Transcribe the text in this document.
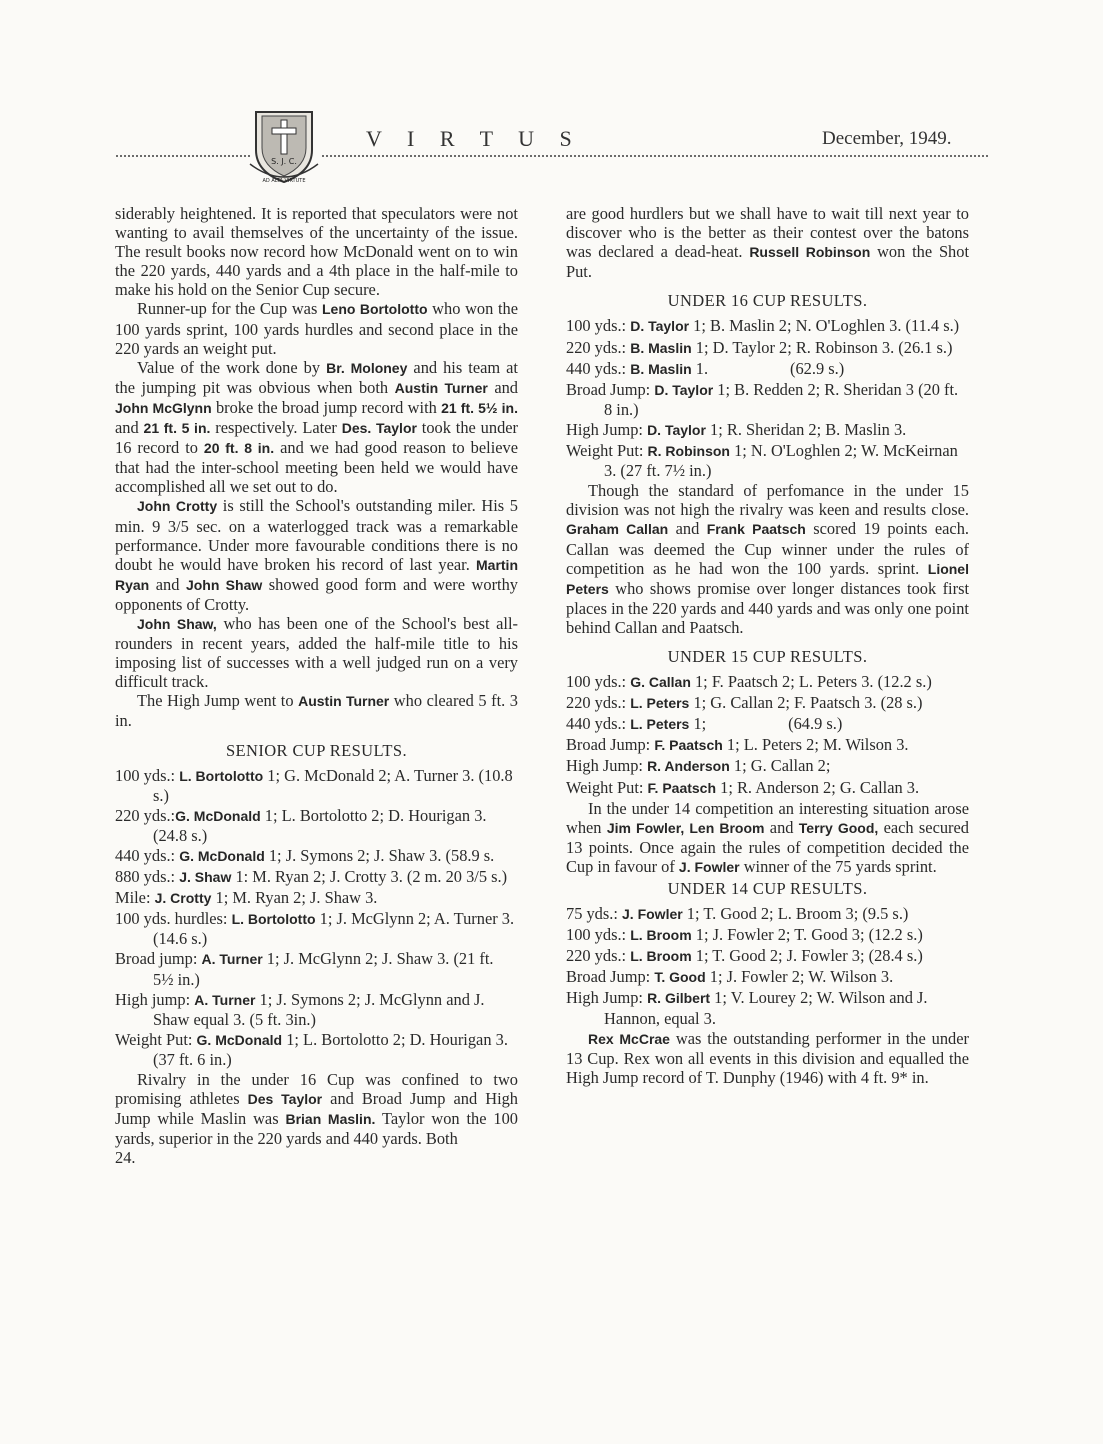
S. J. C.
AD ALTA VIRTUTE
V I R T U S	December, 1949.

siderably heightened. It is reported that speculators were not wanting to avail themselves of the uncertainty of the issue. The result books now record how McDonald went on to win the 220 yards, 440 yards and a 4th place in the half-mile to make his hold on the Senior Cup secure.

Runner-up for the Cup was Leno Bortolotto who won the 100 yards sprint, 100 yards hurdles and second place in the 220 yards an weight put.

Value of the work done by Br. Moloney and his team at the jumping pit was obvious when both Austin Turner and John McGlynn broke the broad jump record with 21 ft. 5½ in. and 21 ft. 5 in. respectively. Later Des. Taylor took the under 16 record to 20 ft. 8 in. and we had good reason to believe that had the inter-school meeting been held we would have accomplished all we set out to do.

John Crotty is still the School's outstanding miler. His 5 min. 9 3/5 sec. on a waterlogged track was a remarkable performance. Under more favourable conditions there is no doubt he would have broken his record of last year. Martin Ryan and John Shaw showed good form and were worthy opponents of Crotty.

John Shaw, who has been one of the School's best all-rounders in recent years, added the half-mile title to his imposing list of successes with a well judged run on a very difficult track.

The High Jump went to Austin Turner who cleared 5 ft. 3 in.

SENIOR CUP RESULTS.

100 yds.: L. Bortolotto 1; G. McDonald 2; A. Turner 3. (10.8 s.)

220 yds.:G. McDonald 1; L. Bortolotto 2; D. Hourigan 3. (24.8 s.)

440 yds.: G. McDonald 1; J. Symons 2; J. Shaw 3. (58.9 s.

880 yds.: J. Shaw 1: M. Ryan 2; J. Crotty 3. (2 m. 20 3/5 s.)

Mile: J. Crotty 1; M. Ryan 2; J. Shaw 3.

100 yds. hurdles: L. Bortolotto 1; J. McGlynn 2; A. Turner 3. (14.6 s.)

Broad jump: A. Turner 1; J. McGlynn 2; J. Shaw 3. (21 ft. 5½ in.)

High jump: A. Turner 1; J. Symons 2; J. McGlynn and J. Shaw equal 3. (5 ft. 3in.)

Weight Put: G. McDonald 1; L. Bortolotto 2; D. Hourigan 3. (37 ft. 6 in.)

Rivalry in the under 16 Cup was confined to two promising athletes Des Taylor and Broad Jump and High Jump while Maslin was Brian Maslin. Taylor won the 100 yards, superior in the 220 yards and 440 yards. Both

24.

are good hurdlers but we shall have to wait till next year to discover who is the better as their contest over the batons was declared a dead-heat. Russell Robinson won the Shot Put.

UNDER 16 CUP RESULTS.

100 yds.: D. Taylor 1; B. Maslin 2; N. O'Loghlen 3. (11.4 s.)

220 yds.: B. Maslin 1; D. Taylor 2; R. Robinson 3. (26.1 s.)

440 yds.: B. Maslin 1.                    (62.9 s.)

Broad Jump: D. Taylor 1; B. Redden 2; R. Sheridan 3 (20 ft. 8 in.)

High Jump: D. Taylor 1; R. Sheridan 2; B. Maslin 3.

Weight Put: R. Robinson 1; N. O'Loghlen 2; W. McKeirnan 3. (27 ft. 7½ in.)

Though the standard of perfomance in the under 15 division was not high the rivalry was keen and results close. Graham Callan and Frank Paatsch scored 19 points each. Callan was deemed the Cup winner under the rules of competition as he had won the 100 yards. sprint. Lionel Peters who shows promise over longer distances took first places in the 220 yards and 440 yards and was only one point behind Callan and Paatsch.

UNDER 15 CUP RESULTS.

100 yds.: G. Callan 1; F. Paatsch 2; L. Peters 3. (12.2 s.)

220 yds.: L. Peters 1; G. Callan 2; F. Paatsch 3. (28 s.)

440 yds.: L. Peters 1;                    (64.9 s.)

Broad Jump: F. Paatsch 1; L. Peters 2; M. Wilson 3.

High Jump: R. Anderson 1; G. Callan 2;

Weight Put: F. Paatsch 1; R. Anderson 2; G. Callan 3.

In the under 14 competition an interesting situation arose when Jim Fowler, Len Broom and Terry Good, each secured 13 points. Once again the rules of competition decided the Cup in favour of J. Fowler winner of the 75 yards sprint.

UNDER 14 CUP RESULTS.

75 yds.: J. Fowler 1; T. Good 2; L. Broom 3; (9.5 s.)

100 yds.: L. Broom 1; J. Fowler 2; T. Good 3; (12.2 s.)

220 yds.: L. Broom 1; T. Good 2; J. Fowler 3; (28.4 s.)

Broad Jump: T. Good 1; J. Fowler 2; W. Wilson 3.

High Jump: R. Gilbert 1; V. Lourey 2; W. Wilson and J. Hannon, equal 3.

Rex McCrae was the outstanding performer in the under 13 Cup. Rex won all events in this division and equalled the High Jump record of T. Dunphy (1946) with 4 ft. 9* in.
